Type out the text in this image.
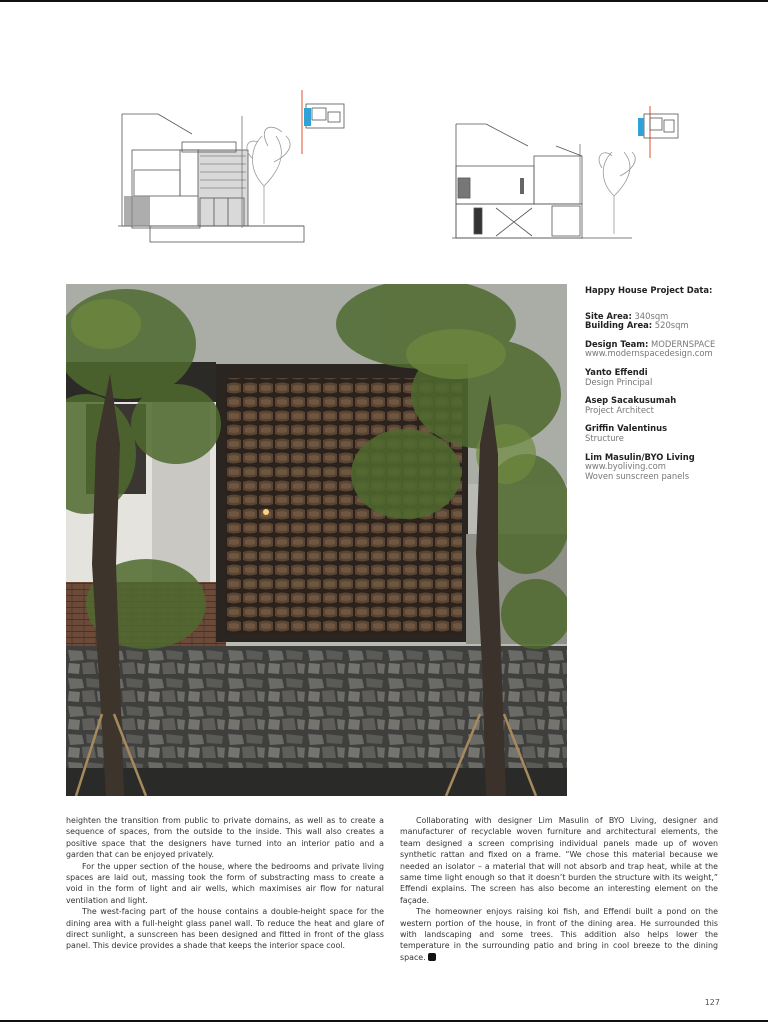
Happy House Project Data:
Site Area: 340sqm
Building Area: 520sqm
Design Team: MODERNSPACE
www.modernspacedesign.com
Yanto Effendi
Design Principal
Asep Sacakusumah
Project Architect
Griffin Valentinus
Structure
Lim Masulin/BYO Living
www.byoliving.com
Woven sunscreen panels

heighten the transition from public to private domains, as well as to create a sequence of spaces, from the outside to the inside. This wall also creates a positive space that the designers have turned into an interior patio and a garden that can be enjoyed privately.

For the upper section of the house, where the bedrooms and private living spaces are laid out, massing took the form of substracting mass to create a void in the form of light and air wells, which maximises air flow for natural ventilation and light.

The west-facing part of the house contains a double-height space for the dining area with a full-height glass panel wall. To reduce the heat and glare of direct sunlight, a sunscreen has been designed and fitted in front of the glass panel. This device provides a shade that keeps the interior space cool.

Collaborating with designer Lim Masulin of BYO Living, designer and manufacturer of recyclable woven furniture and architectural elements, the team designed a screen comprising individual panels made up of woven synthetic rattan and fixed on a frame. “We chose this material because we needed an isolator – a material that will not absorb and trap heat, while at the same time light enough so that it doesn’t burden the structure with its weight,” Effendi explains. The screen has also become an interesting element on the façade.

The homeowner enjoys raising koi fish, and Effendi built a pond on the western portion of the house, in front of the dining area. He surrounded this with landscaping and some trees. This addition also helps lower the temperature in the surrounding patio and bring in cool breeze to the dining space.

127
